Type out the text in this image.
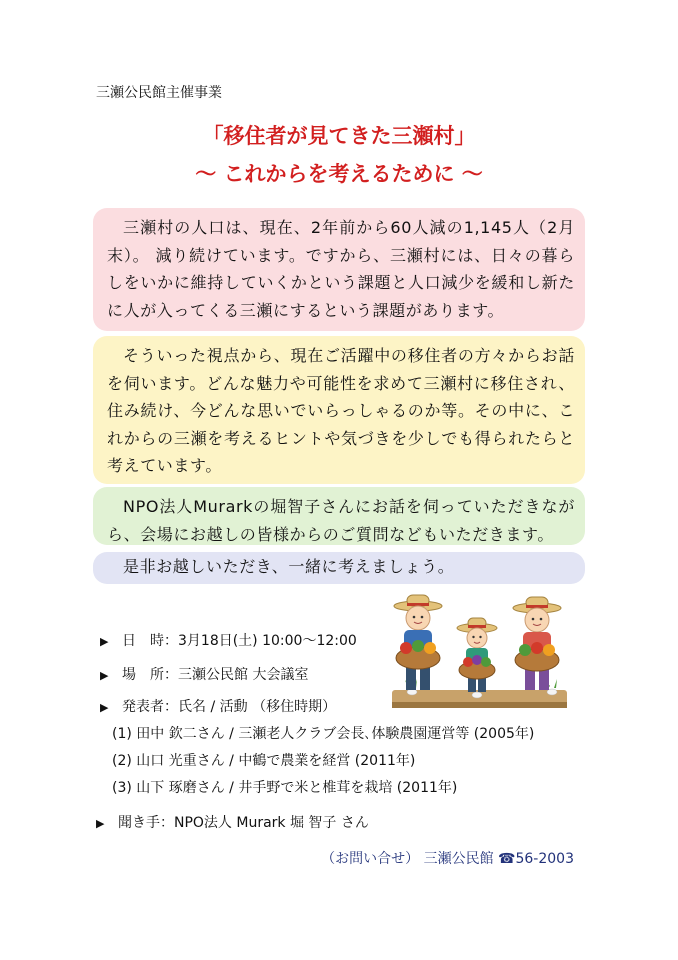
三瀬公民館主催事業
「移住者が見てきた三瀬村」
～ これからを考えるために ～
三瀬村の人口は、現在、2年前から60人減の1,145人（2月末）。 減り続けています。ですから、三瀬村には、日々の暮らしをいかに維持していくかという課題と人口減少を緩和し新たに人が入ってくる三瀬にするという課題があります。
そういった視点から、現在ご活躍中の移住者の方々からお話を伺います。どんな魅力や可能性を求めて三瀬村に移住され、住み続け、今どんな思いでいらっしゃるのか等。その中に、これからの三瀬を考えるヒントや気づきを少しでも得られたらと考えています。
NPO法人Murarkの堀智子さんにお話を伺っていただきながら、会場にお越しの皆様からのご質問などもいただきます。
是非お越しいただき、一緒に考えましょう。
▶ 日　時：3月18日(土) 10:00～12:00
▶ 場　所：三瀬公民館 大会議室
▶ 発表者：氏名 / 活動 （移住時期）
(1) 田中 欽二さん / 三瀬老人クラブ会長､体験農園運営等 (2005年)
(2) 山口 光重さん / 中鶴で農業を経営 (2011年)
(3) 山下 琢磨さん / 井手野で米と椎茸を栽培 (2011年)
▶ 聞き手：NPO法人 Murark 堀 智子 さん
（お問い合せ） 三瀬公民館 ☎56-2003
